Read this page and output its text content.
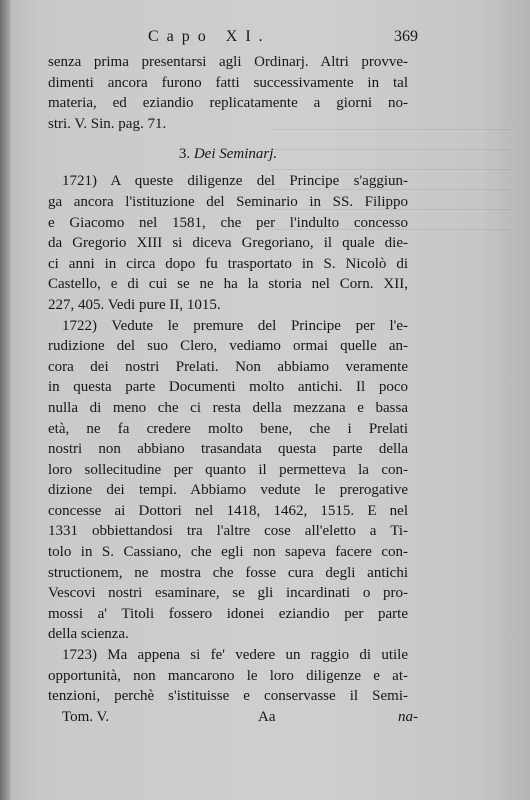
Capo XI.	369
senza prima presentarsi agli Ordinarj. Altri provve-
dimenti ancora furono fatti successivamente in tal
materia, ed eziandio replicatamente a giorni no-
stri. V. Sin. pag. 71.
3. Dei Seminarj.
1721) A queste diligenze del Principe s'aggiun-
ga ancora l'istituzione del Seminario in SS. Filippo
e Giacomo nel 1581, che per l'indulto concesso
da Gregorio XIII si diceva Gregoriano, il quale die-
ci anni in circa dopo fu trasportato in S. Nicolò di
Castello, e di cui se ne ha la storia nel Corn. XII,
227, 405. Vedi pure II, 1015.
1722) Vedute le premure del Principe per l'e-
rudizione del suo Clero, vediamo ormai quelle an-
cora dei nostri Prelati. Non abbiamo veramente
in questa parte Documenti molto antichi. Il poco
nulla di meno che ci resta della mezzana e bassa
età, ne fa credere molto bene, che i Prelati
nostri non abbiano trasandata questa parte della
loro sollecitudine per quanto il permetteva la con-
dizione dei tempi. Abbiamo vedute le prerogative
concesse ai Dottori nel 1418, 1462, 1515. E nel
1331 obbiettandosi tra l'altre cose all'eletto a Ti-
tolo in S. Cassiano, che egli non sapeva facere con-
structionem, ne mostra che fosse cura degli antichi
Vescovi nostri esaminare, se gli incardinati o pro-
mossi a' Titoli fossero idonei eziandio per parte
della scienza.
1723) Ma appena si fe' vedere un raggio di utile
opportunità, non mancarono le loro diligenze e at-
tenzioni, perchè s'istituisse e conservasse il Semi-
Tom. V.	Aa	na-
